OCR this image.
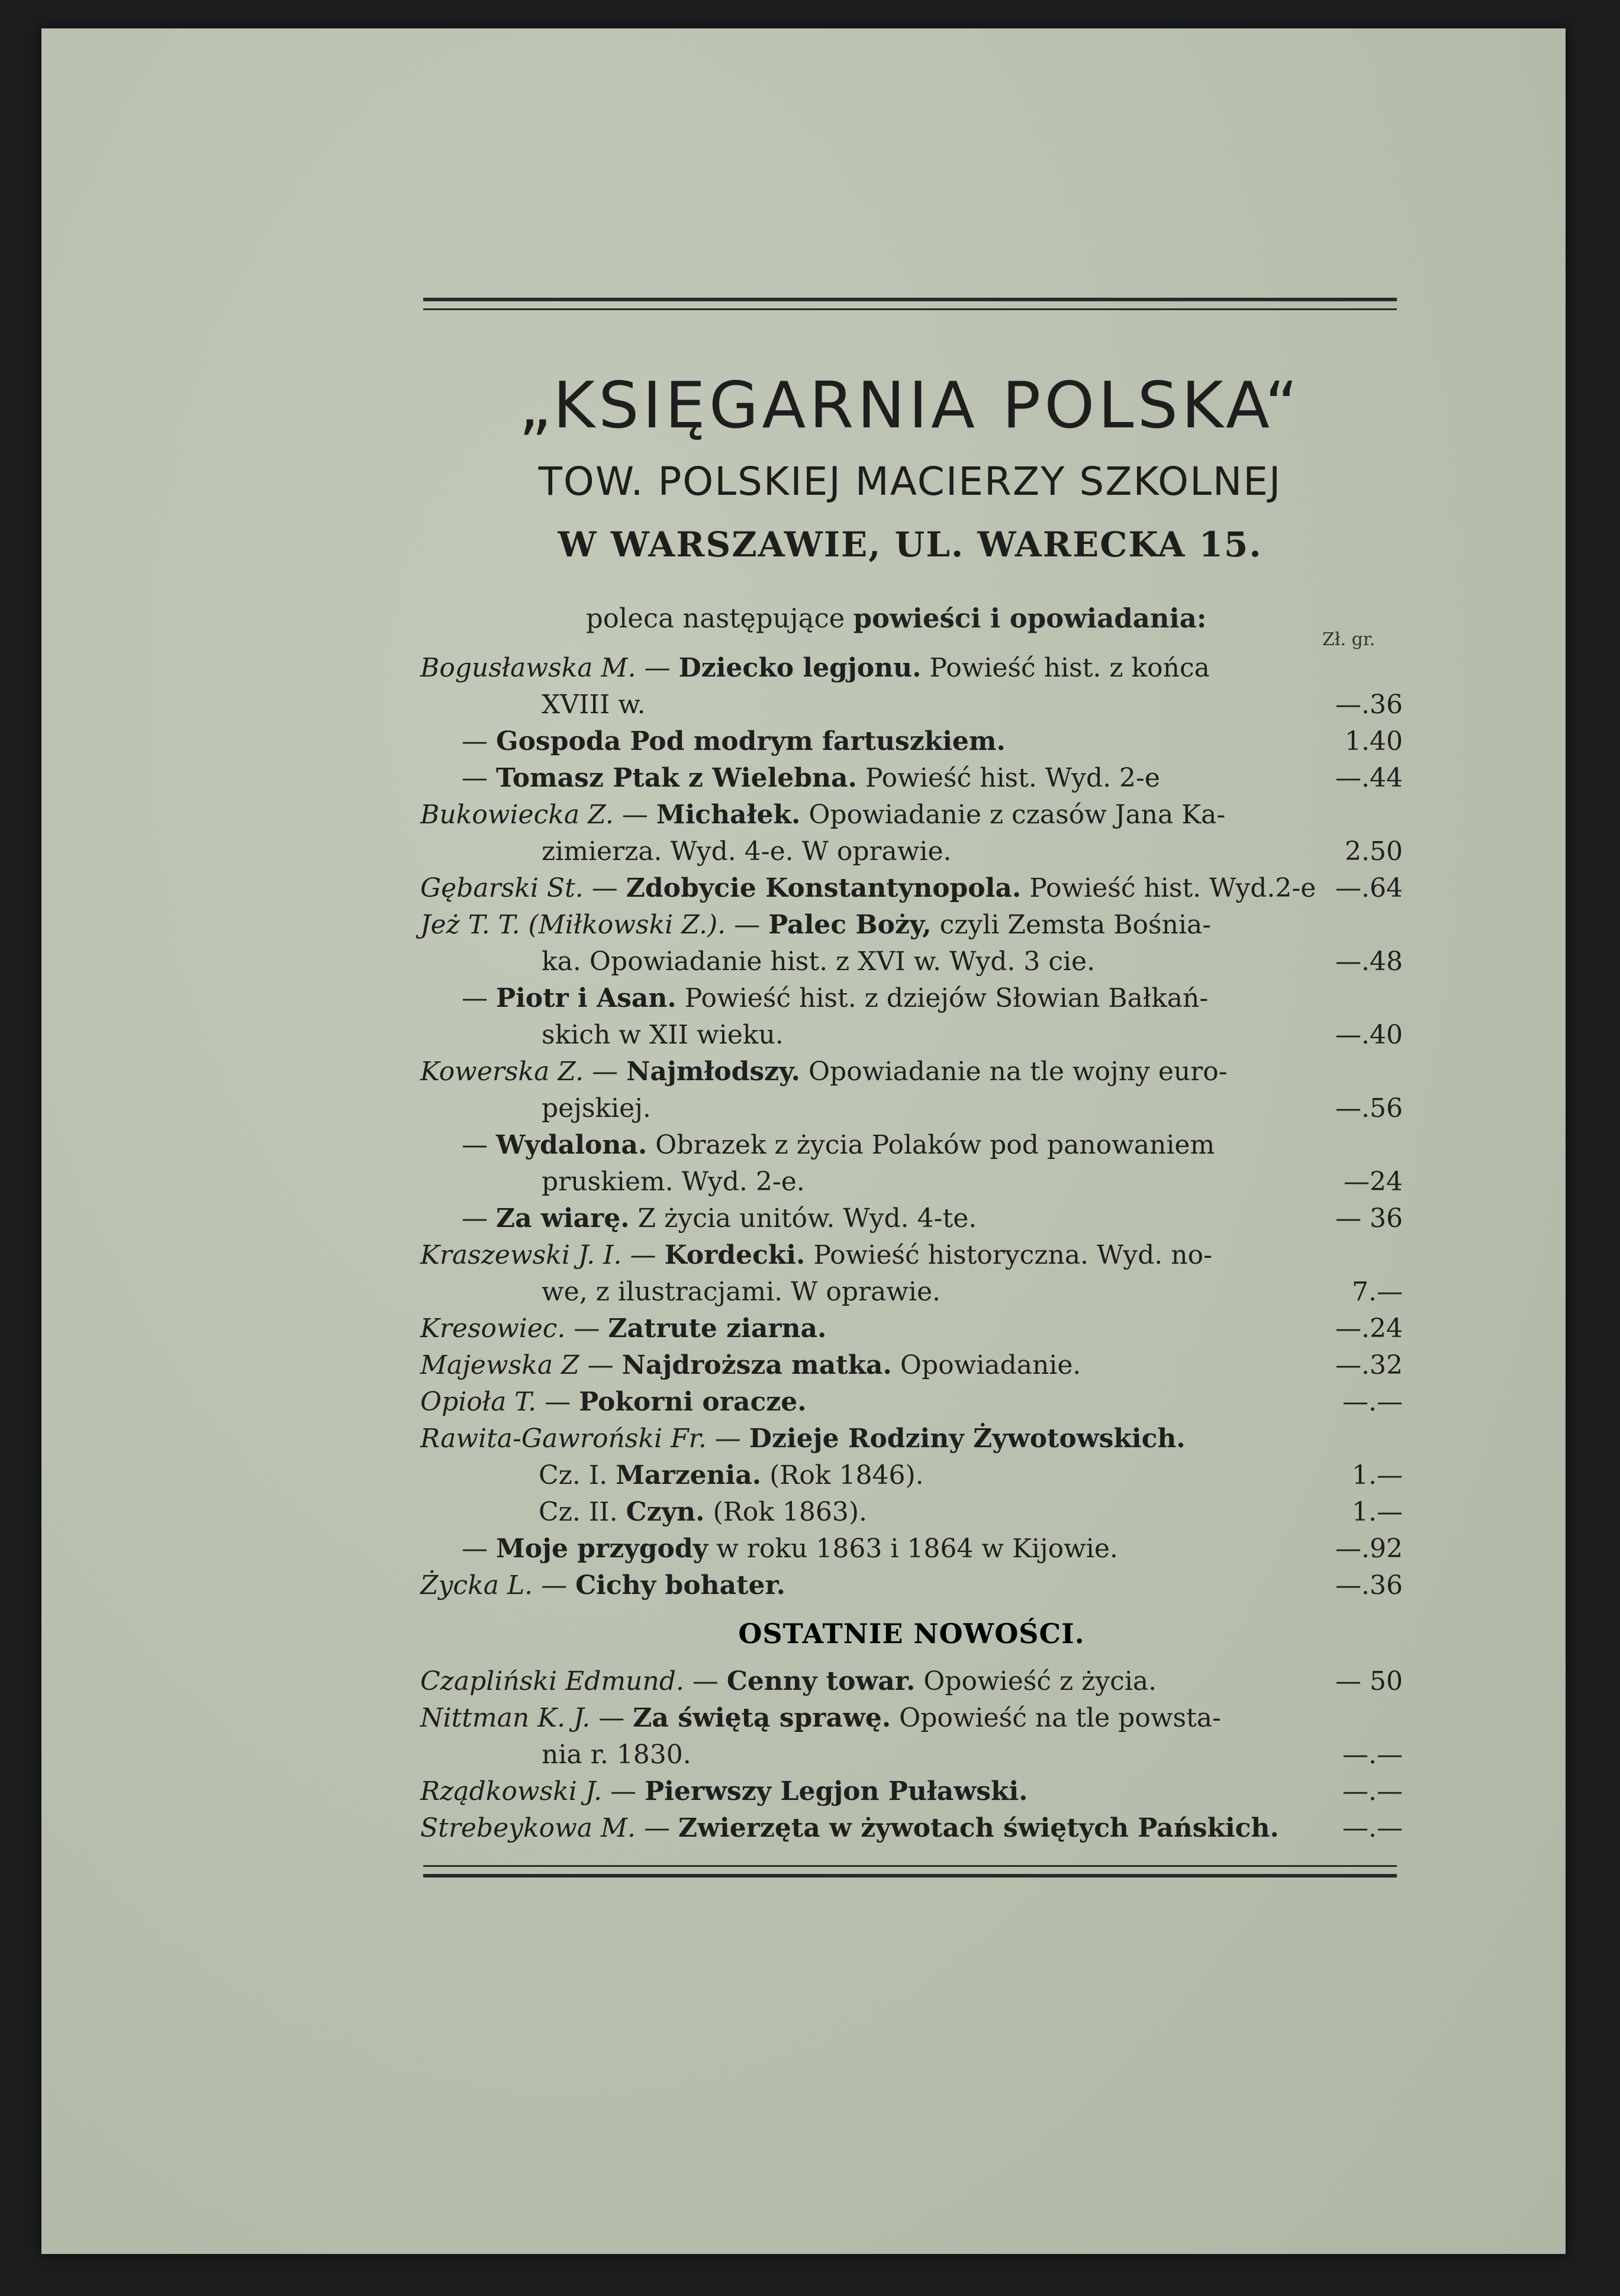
„KSIĘGARNIA POLSKA“
TOW. POLSKIEJ MACIERZY SZKOLNEJ
W WARSZAWIE, UL. WARECKA 15.
poleca następujące powieści i opowiadania:
Zł. gr.
Bogusławska M. — Dziecko legjonu. Powieść hist. z końca
XVIII w.	—.36
— Gospoda Pod modrym fartuszkiem.	1.40
— Tomasz Ptak z Wielebna. Powieść hist. Wyd. 2-e	—.44
Bukowiecka Z. — Michałek. Opowiadanie z czasów Jana Ka-
zimierza. Wyd. 4-e. W oprawie.	2.50
Gębarski St. — Zdobycie Konstantynopola. Powieść hist. Wyd.2-e —.64
Jeż T. T. (Miłkowski Z.). — Palec Boży, czyli Zemsta Bośnia-
ka. Opowiadanie hist. z XVI w. Wyd. 3 cie.	—.48
— Piotr i Asan. Powieść hist. z dziejów Słowian Bałkań-
skich w XII wieku.	—.40
Kowerska Z. — Najmłodszy. Opowiadanie na tle wojny euro-
pejskiej.	—.56
— Wydalona. Obrazek z życia Polaków pod panowaniem
pruskiem. Wyd. 2-e.	—24
— Za wiarę. Z życia unitów. Wyd. 4-te.	— 36
Kraszewski J. I. — Kordecki. Powieść historyczna. Wyd. no-
we, z ilustracjami. W oprawie.	7.—
Kresowiec. — Zatrute ziarna.	—.24
Majewska Z — Najdroższa matka. Opowiadanie.	—.32
Opioła T. — Pokorni oracze.	—.—
Rawita-Gawroński Fr. — Dzieje Rodziny Żywotowskich.
Cz. I. Marzenia. (Rok 1846).	1.—
Cz. II. Czyn. (Rok 1863).	1.—
— Moje przygody w roku 1863 i 1864 w Kijowie.	—.92
Życka L. — Cichy bohater.	—.36
OSTATNIE NOWOŚCI.
Czapliński Edmund. — Cenny towar. Opowieść z życia.	— 50
Nittman K. J. — Za świętą sprawę. Opowieść na tle powsta-
nia r. 1830.	—.—
Rządkowski J. — Pierwszy Legjon Puławski.	—.—
Strebeykowa M. — Zwierzęta w żywotach świętych Pańskich.	—.—
